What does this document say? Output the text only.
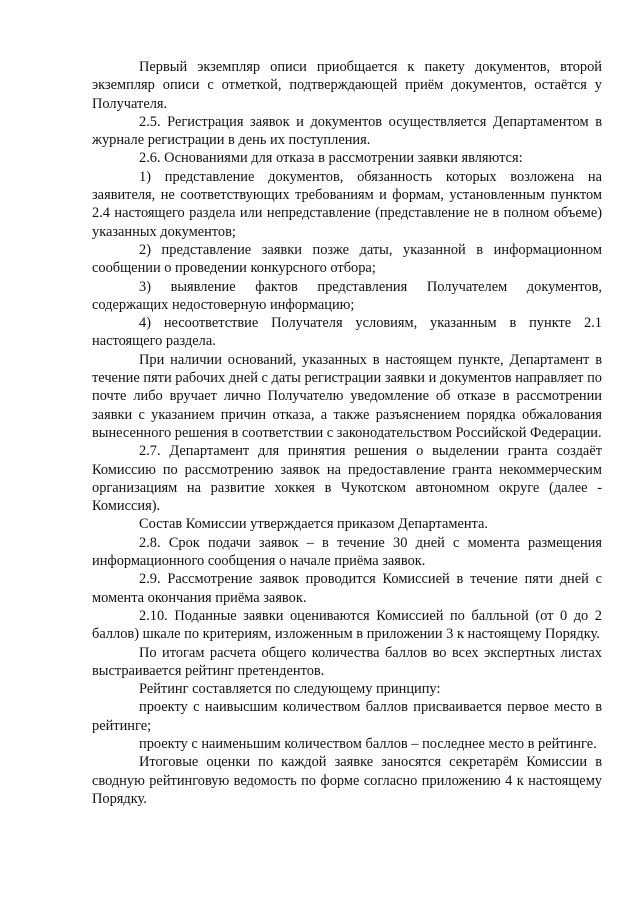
Первый экземпляр описи приобщается к пакету документов, второй экземпляр описи с отметкой, подтверждающей приём документов, остаётся у Получателя.

2.5. Регистрация заявок и документов осуществляется Департаментом в журнале регистрации в день их поступления.

2.6. Основаниями для отказа в рассмотрении заявки являются:

1) представление документов, обязанность которых возложена на заявителя, не соответствующих требованиям и формам, установленным пунктом 2.4 настоящего раздела или непредставление (представление не в полном объеме) указанных документов;

2) представление заявки позже даты, указанной в информационном сообщении о проведении конкурсного отбора;

3) выявление фактов представления Получателем документов, содержащих недостоверную информацию;

4) несоответствие Получателя условиям, указанным в пункте 2.1 настоящего раздела.

При наличии оснований, указанных в настоящем пункте, Департамент в течение пяти рабочих дней с даты регистрации заявки и документов направляет по почте либо вручает лично Получателю уведомление об отказе в рассмотрении заявки с указанием причин отказа, а также разъяснением порядка обжалования вынесенного решения в соответствии с законодательством Российской Федерации.

2.7. Департамент для принятия решения о выделении гранта создаёт Комиссию по рассмотрению заявок на предоставление гранта некоммерческим организациям на развитие хоккея в Чукотском автономном округе (далее - Комиссия).

Состав Комиссии утверждается приказом Департамента.

2.8. Срок подачи заявок – в течение 30 дней с момента размещения информационного сообщения о начале приёма заявок.

2.9. Рассмотрение заявок проводится Комиссией в течение пяти дней с момента окончания приёма заявок.

2.10. Поданные заявки оцениваются Комиссией по балльной (от 0 до 2 баллов) шкале по критериям, изложенным в приложении 3 к настоящему Порядку.

По итогам расчета общего количества баллов во всех экспертных листах выстраивается рейтинг претендентов.

Рейтинг составляется по следующему принципу:

проекту с наивысшим количеством баллов присваивается первое место в рейтинге;

проекту с наименьшим количеством баллов – последнее место в рейтинге.

Итоговые оценки по каждой заявке заносятся секретарём Комиссии в сводную рейтинговую ведомость по форме согласно приложению 4 к настоящему Порядку.
